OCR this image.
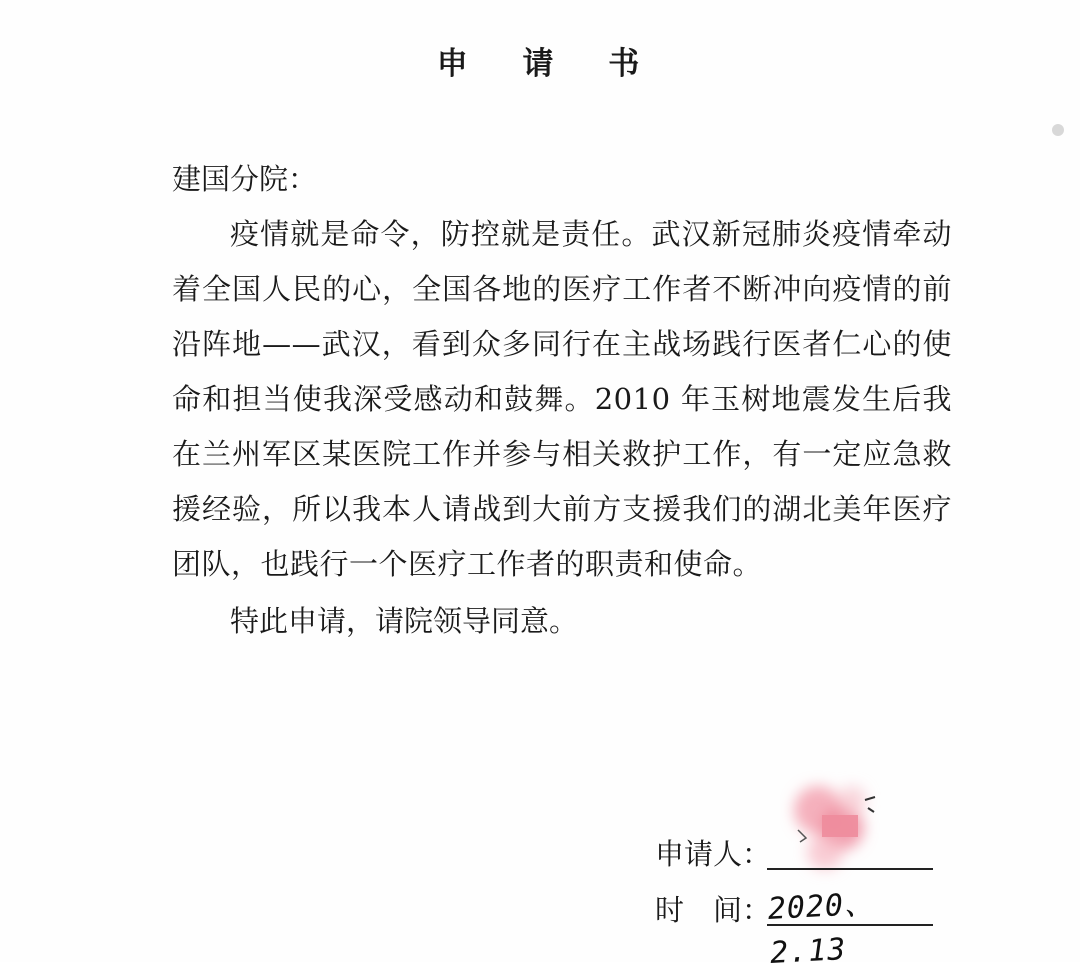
申 请 书

建国分院：

疫情就是命令，防控就是责任。武汉新冠肺炎疫情牵动着全国人民的心，全国各地的医疗工作者不断冲向疫情的前沿阵地——武汉，看到众多同行在主战场践行医者仁心的使命和担当使我深受感动和鼓舞。2010 年玉树地震发生后我在兰州军区某医院工作并参与相关救护工作，有一定应急救援经验，所以我本人请战到大前方支援我们的湖北美年医疗团队，也践行一个医疗工作者的职责和使命。

特此申请，请院领导同意。

申请人：
时　间：
2020、2.13
